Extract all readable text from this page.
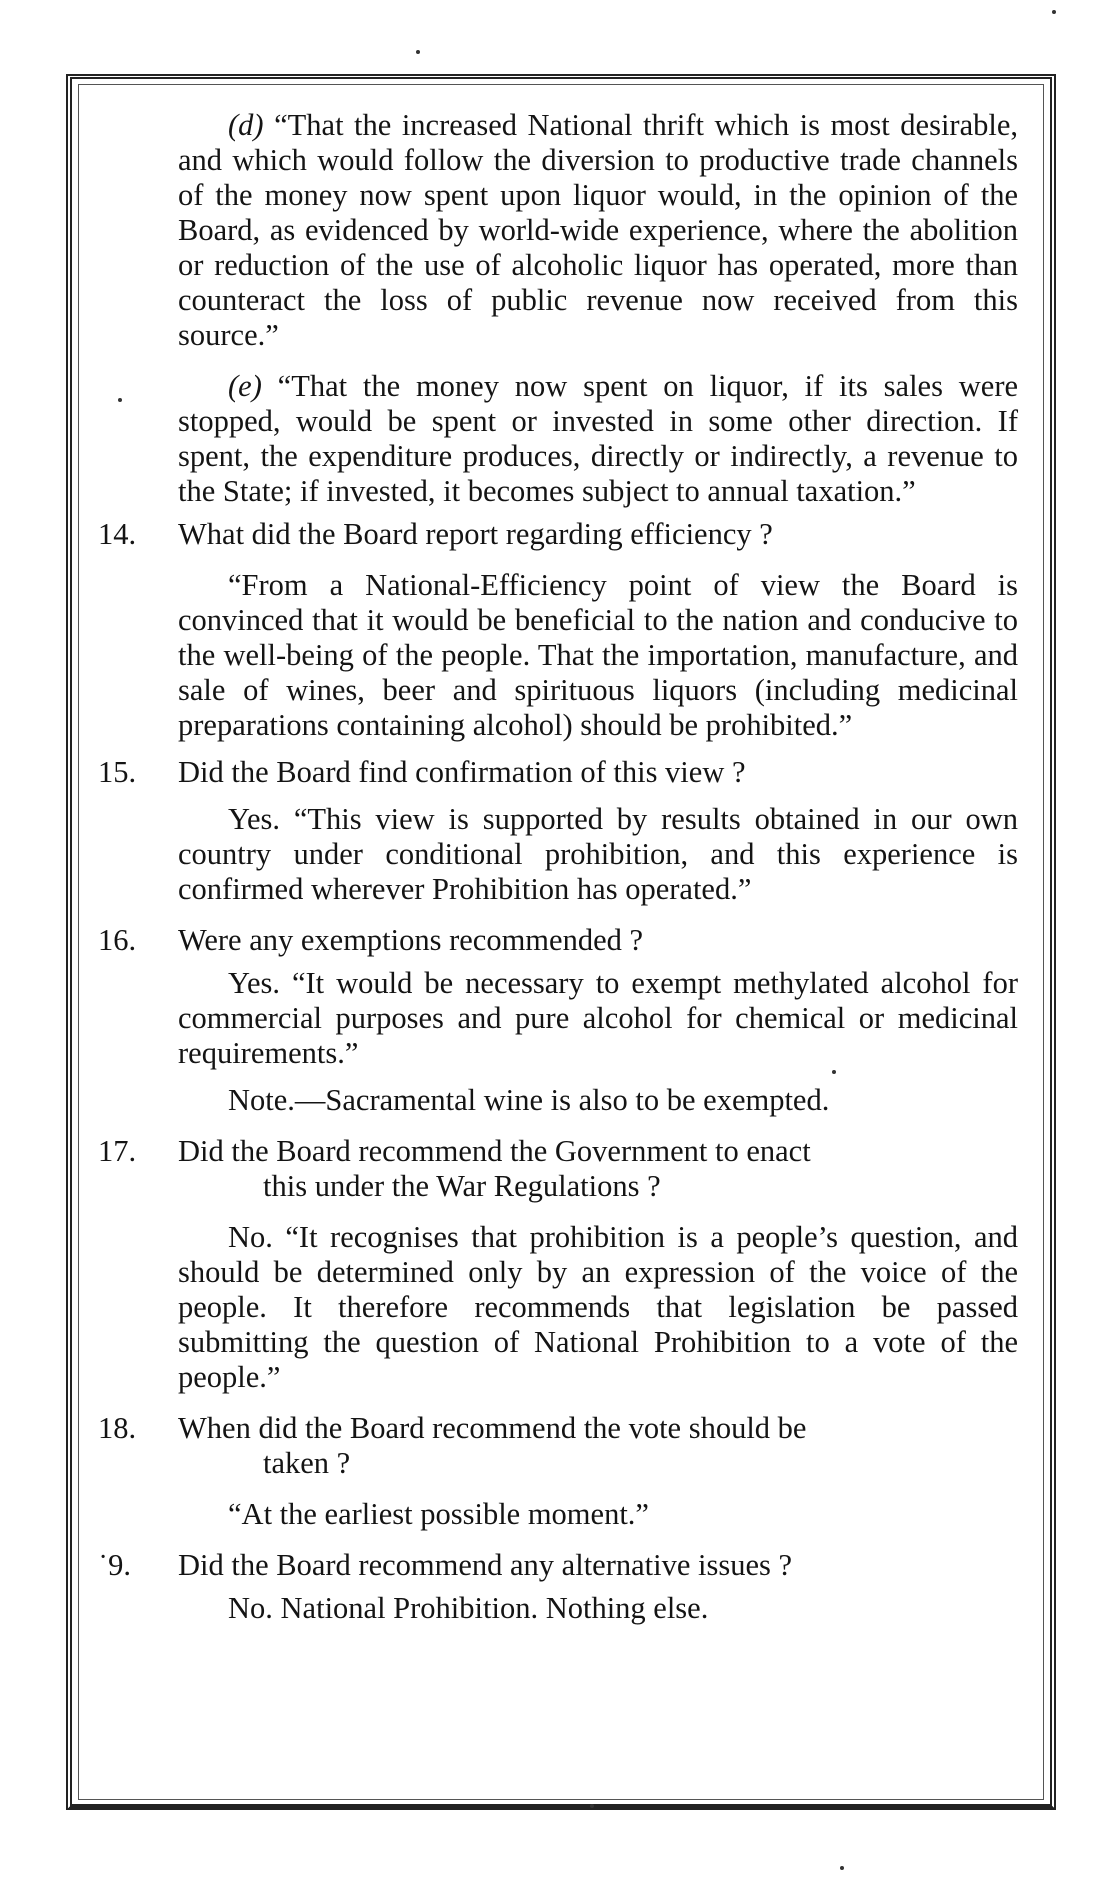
(d) “That the increased National thrift which is most desirable, and which would follow the diversion to productive trade channels of the money now spent upon liquor would, in the opinion of the Board, as evidenced by world-wide experience, where the abolition or reduction of the use of alcoholic liquor has operated, more than counteract the loss of public revenue now received from this source.”

(e) “That the money now spent on liquor, if its sales were stopped, would be spent or invested in some other direction. If spent, the expenditure produces, directly or indirectly, a revenue to the State; if invested, it becomes subject to annual taxation.”

14.	What did the Board report regarding efficiency ?

“From a National-Efficiency point of view the Board is convinced that it would be beneficial to the nation and conducive to the well-being of the people. That the importation, manufacture, and sale of wines, beer and spirituous liquors (including medicinal preparations containing alcohol) should be prohibited.”

15.	Did the Board find confirmation of this view ?

Yes. “This view is supported by results obtained in our own country under conditional prohibition, and this experience is confirmed wherever Prohibition has operated.”

16.	Were any exemptions recommended ?

Yes. “It would be necessary to exempt methylated alcohol for commercial purposes and pure alcohol for chemical or medicinal requirements.”

Note.—Sacramental wine is also to be exempted.

17.	Did the Board recommend the Government to enact
this under the War Regulations ?

No. “It recognises that prohibition is a people’s question, and should be determined only by an expression of the voice of the people. It therefore recommends that legislation be passed submitting the question of National Prohibition to a vote of the people.”

18.	When did the Board recommend the vote should be
taken ?

“At the earliest possible moment.”

˙9.	Did the Board recommend any alternative issues ?

No. National Prohibition. Nothing else.
